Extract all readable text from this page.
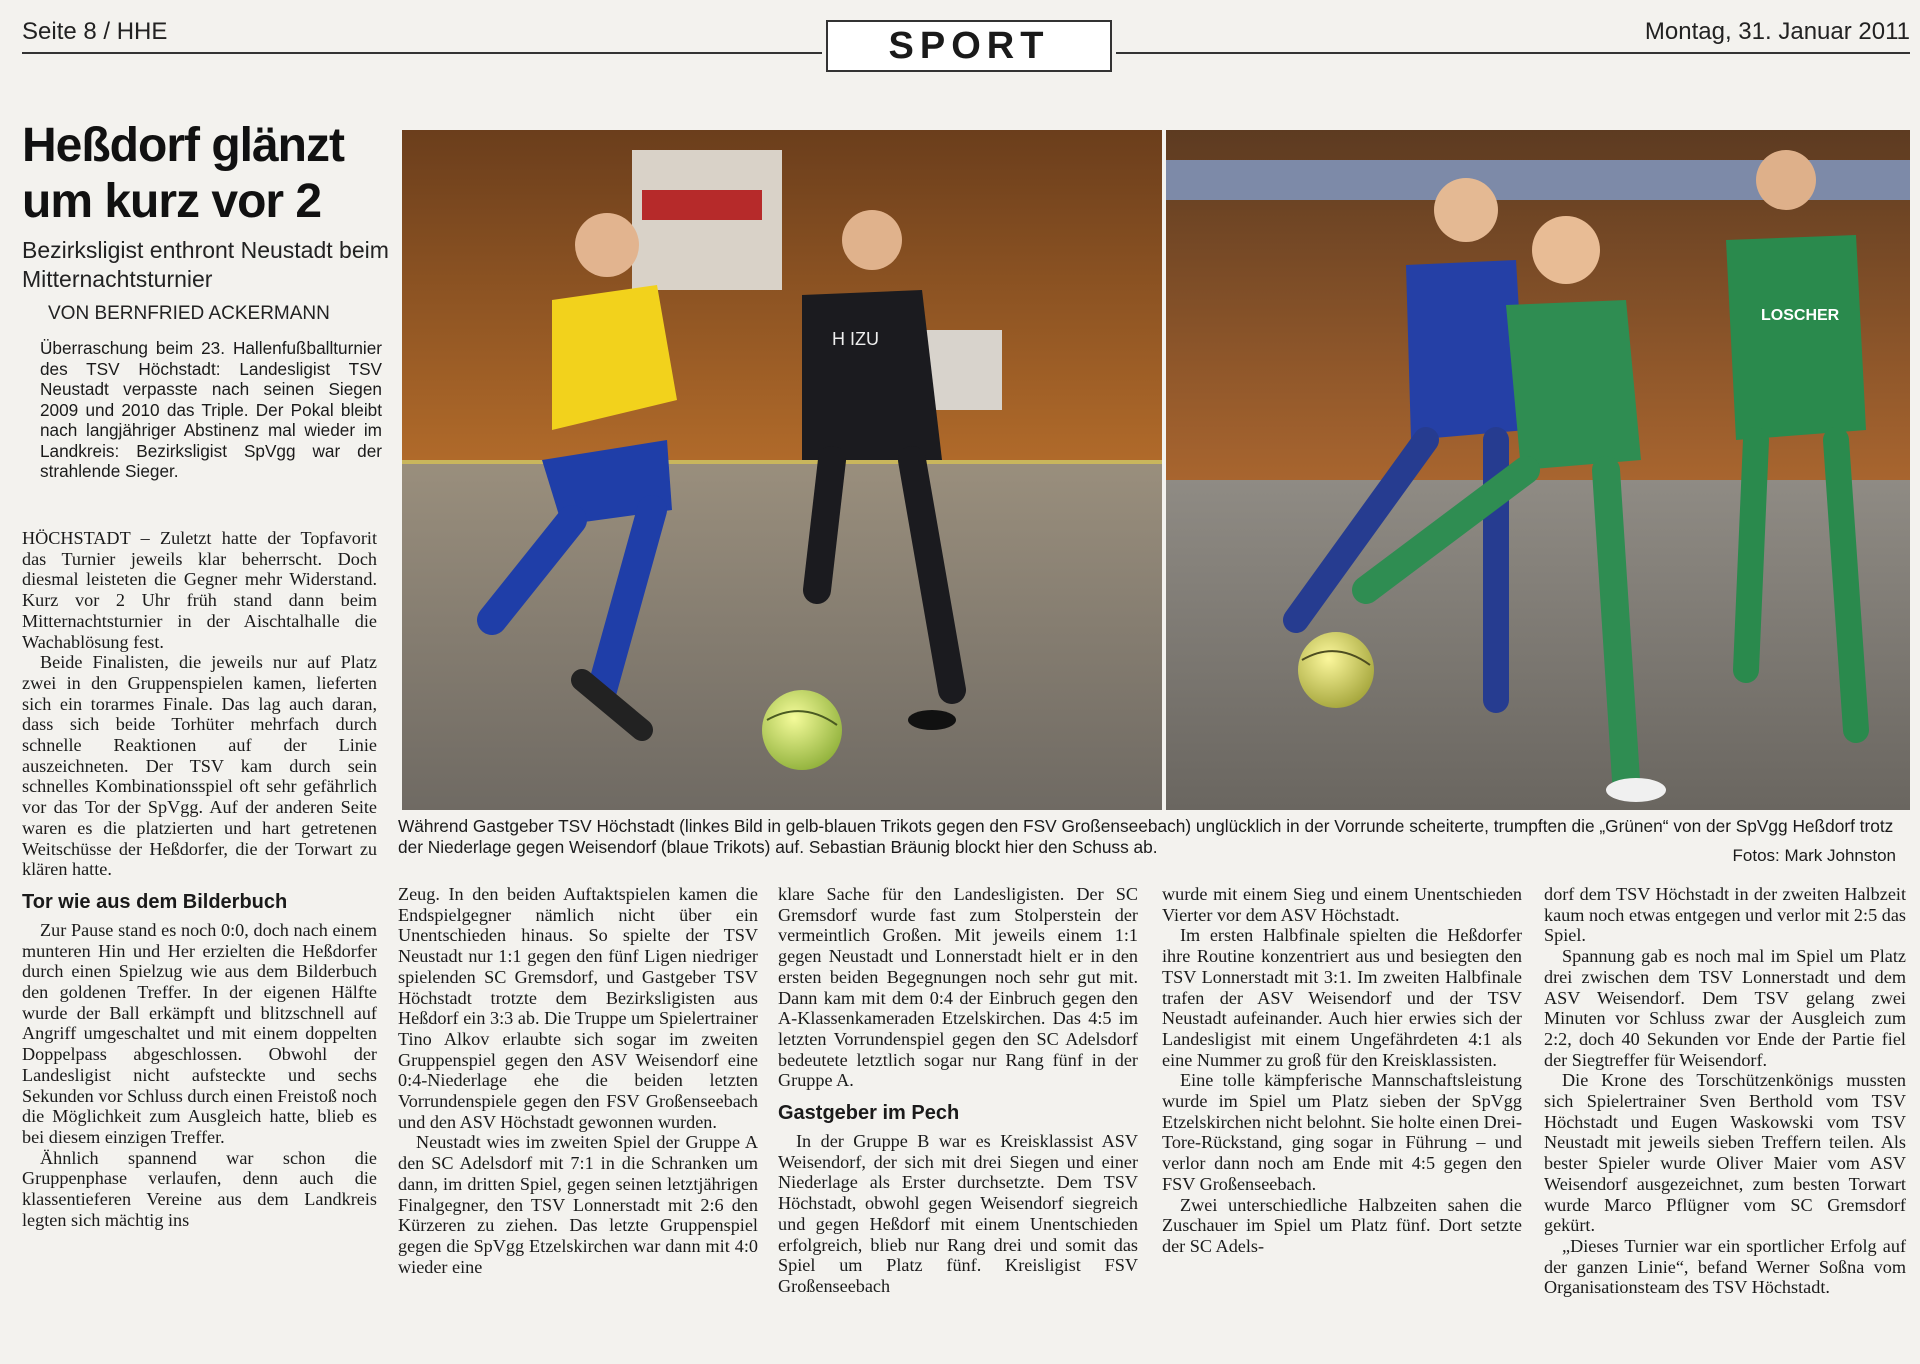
Seite 8 / HHE	SPORT	Montag, 31. Januar 2011
Heßdorf glänzt
um kurz vor 2
Bezirksligist enthront Neustadt beim Mitternachtsturnier
VON BERNFRIED ACKERMANN
Überraschung beim 23. Hallenfußballturnier des TSV Höchstadt: Landesligist TSV Neustadt verpasste nach seinen Siegen 2009 und 2010 das Triple. Der Pokal bleibt nach langjähriger Abstinenz mal wieder im Landkreis: Bezirksligist SpVgg war der strahlende Sieger.

HÖCHSTADT – Zuletzt hatte der Topfavorit das Turnier jeweils klar beherrscht. Doch diesmal leisteten die Gegner mehr Widerstand. Kurz vor 2 Uhr früh stand dann beim Mitternachtsturnier in der Aischtalhalle die Wachablösung fest.

Beide Finalisten, die jeweils nur auf Platz zwei in den Gruppenspielen kamen, lieferten sich ein torarmes Finale. Das lag auch daran, dass sich beide Torhüter mehrfach durch schnelle Reaktionen auf der Linie auszeichneten. Der TSV kam durch sein schnelles Kombinationsspiel oft sehr gefährlich vor das Tor der SpVgg. Auf der anderen Seite waren es die platzierten und hart getretenen Weitschüsse der Heßdorfer, die der Torwart zu klären hatte.

Tor wie aus dem Bilderbuch

Zur Pause stand es noch 0:0, doch nach einem munteren Hin und Her erzielten die Heßdorfer durch einen Spielzug wie aus dem Bilderbuch den goldenen Treffer. In der eigenen Hälfte wurde der Ball erkämpft und blitzschnell auf Angriff umgeschaltet und mit einem doppelten Doppelpass abgeschlossen. Obwohl der Landesligist nicht aufsteckte und sechs Sekunden vor Schluss durch einen Freistoß noch die Möglichkeit zum Ausgleich hatte, blieb es bei diesem einzigen Treffer.

Ähnlich spannend war schon die Gruppenphase verlaufen, denn auch die klassentieferen Vereine aus dem Landkreis legten sich mächtig ins

H IZU
LOSCHER
Während Gastgeber TSV Höchstadt (linkes Bild in gelb-blauen Trikots gegen den FSV Großenseebach) unglücklich in der Vorrunde scheiterte, trumpften die „Grünen“ von der SpVgg Heßdorf trotz der Niederlage gegen Weisendorf (blaue Trikots) auf. Sebastian Bräunig blockt hier den Schuss ab.	Fotos: Mark Johnston

Zeug. In den beiden Auftaktspielen kamen die Endspielgegner nämlich nicht über ein Unentschieden hinaus. So spielte der TSV Neustadt nur 1:1 gegen den fünf Ligen niedriger spielenden SC Gremsdorf, und Gastgeber TSV Höchstadt trotzte dem Bezirksligisten aus Heßdorf ein 3:3 ab. Die Truppe um Spielertrainer Tino Alkov erlaubte sich sogar im zweiten Gruppenspiel gegen den ASV Weisendorf eine 0:4-Niederlage ehe die beiden letzten Vorrundenspiele gegen den FSV Großenseebach und den ASV Höchstadt gewonnen wurden.

Neustadt wies im zweiten Spiel der Gruppe A den SC Adelsdorf mit 7:1 in die Schranken um dann, im dritten Spiel, gegen seinen letztjährigen Finalgegner, den TSV Lonnerstadt mit 2:6 den Kürzeren zu ziehen. Das letzte Gruppenspiel gegen die SpVgg Etzelskirchen war dann mit 4:0 wieder eine

klare Sache für den Landesligisten. Der SC Gremsdorf wurde fast zum Stolperstein der vermeintlich Großen. Mit jeweils einem 1:1 gegen Neustadt und Lonnerstadt hielt er in den ersten beiden Begegnungen noch sehr gut mit. Dann kam mit dem 0:4 der Einbruch gegen den A-Klassenkameraden Etzelskirchen. Das 4:5 im letzten Vorrundenspiel gegen den SC Adelsdorf bedeutete letztlich sogar nur Rang fünf in der Gruppe A.

Gastgeber im Pech

In der Gruppe B war es Kreisklassist ASV Weisendorf, der sich mit drei Siegen und einer Niederlage als Erster durchsetzte. Dem TSV Höchstadt, obwohl gegen Weisendorf siegreich und gegen Heßdorf mit einem Unentschieden erfolgreich, blieb nur Rang drei und somit das Spiel um Platz fünf. Kreisligist FSV Großenseebach

wurde mit einem Sieg und einem Unentschieden Vierter vor dem ASV Höchstadt.

Im ersten Halbfinale spielten die Heßdorfer ihre Routine konzentriert aus und besiegten den TSV Lonnerstadt mit 3:1. Im zweiten Halbfinale trafen der ASV Weisendorf und der TSV Neustadt aufeinander. Auch hier erwies sich der Landesligist mit einem Ungefährdeten 4:1 als eine Nummer zu groß für den Kreisklassisten.

Eine tolle kämpferische Mannschaftsleistung wurde im Spiel um Platz sieben der SpVgg Etzelskirchen nicht belohnt. Sie holte einen Drei-Tore-Rückstand, ging sogar in Führung – und verlor dann noch am Ende mit 4:5 gegen den FSV Großenseebach.

Zwei unterschiedliche Halbzeiten sahen die Zuschauer im Spiel um Platz fünf. Dort setzte der SC Adels-

dorf dem TSV Höchstadt in der zweiten Halbzeit kaum noch etwas entgegen und verlor mit 2:5 das Spiel.

Spannung gab es noch mal im Spiel um Platz drei zwischen dem TSV Lonnerstadt und dem ASV Weisendorf. Dem TSV gelang zwei Minuten vor Schluss zwar der Ausgleich zum 2:2, doch 40 Sekunden vor Ende der Partie fiel der Siegtreffer für Weisendorf.

Die Krone des Torschützenkönigs mussten sich Spielertrainer Sven Berthold vom TSV Höchstadt und Eugen Waskowski vom TSV Neustadt mit jeweils sieben Treffern teilen. Als bester Spieler wurde Oliver Maier vom ASV Weisendorf ausgezeichnet, zum besten Torwart wurde Marco Pflügner vom SC Gremsdorf gekürt.

„Dieses Turnier war ein sportlicher Erfolg auf der ganzen Linie“, befand Werner Soßna vom Organisationsteam des TSV Höchstadt.
